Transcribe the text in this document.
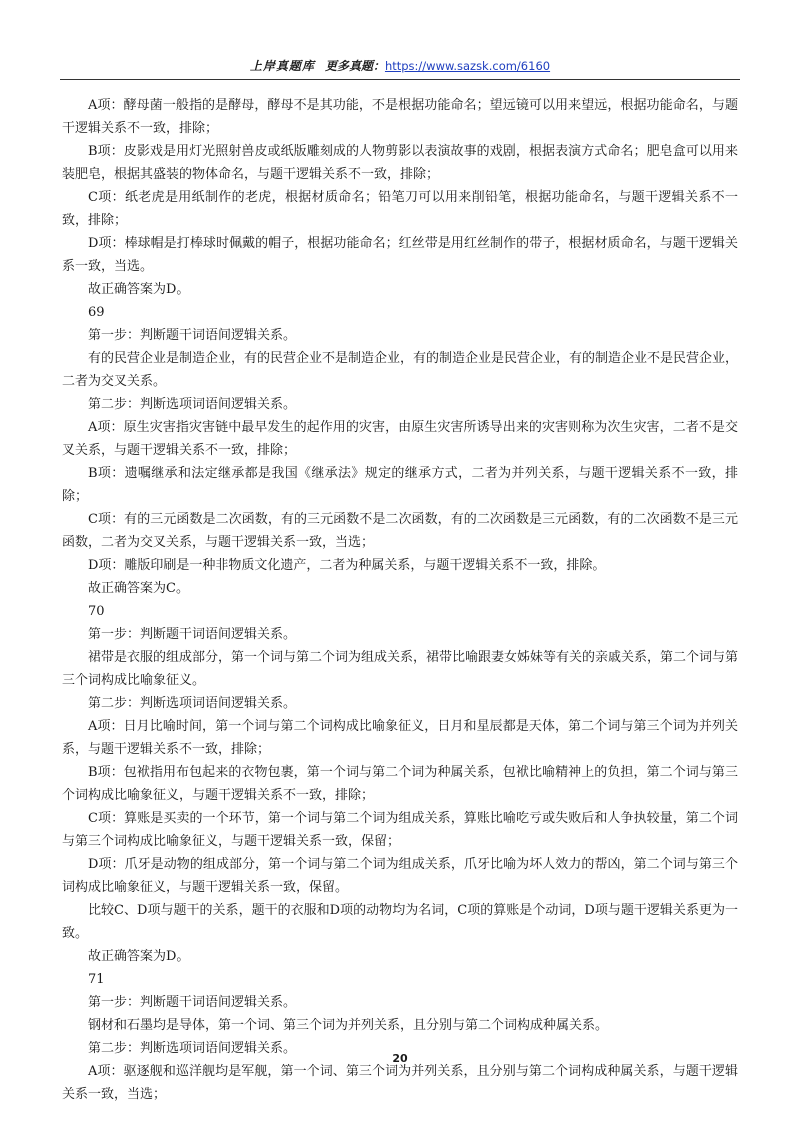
上岸真题库 更多真题：https://www.sazsk.com/6160

A项：酵母菌一般指的是酵母，酵母不是其功能，不是根据功能命名；望远镜可以用来望远，根据功能命名，与题干逻辑关系不一致，排除；

B项：皮影戏是用灯光照射兽皮或纸版雕刻成的人物剪影以表演故事的戏剧，根据表演方式命名；肥皂盒可以用来装肥皂，根据其盛装的物体命名，与题干逻辑关系不一致，排除；

C项：纸老虎是用纸制作的老虎，根据材质命名；铅笔刀可以用来削铅笔，根据功能命名，与题干逻辑关系不一致，排除；

D项：棒球帽是打棒球时佩戴的帽子，根据功能命名；红丝带是用红丝制作的带子，根据材质命名，与题干逻辑关系一致，当选。

故正确答案为D。

69

第一步：判断题干词语间逻辑关系。

有的民营企业是制造企业，有的民营企业不是制造企业，有的制造企业是民营企业，有的制造企业不是民营企业，二者为交叉关系。

第二步：判断选项词语间逻辑关系。

A项：原生灾害指灾害链中最早发生的起作用的灾害，由原生灾害所诱导出来的灾害则称为次生灾害，二者不是交叉关系，与题干逻辑关系不一致，排除；

B项：遗嘱继承和法定继承都是我国《继承法》规定的继承方式，二者为并列关系，与题干逻辑关系不一致，排除；

C项：有的三元函数是二次函数，有的三元函数不是二次函数，有的二次函数是三元函数，有的二次函数不是三元函数，二者为交叉关系，与题干逻辑关系一致，当选；

D项：雕版印刷是一种非物质文化遗产，二者为种属关系，与题干逻辑关系不一致，排除。

故正确答案为C。

70

第一步：判断题干词语间逻辑关系。

裙带是衣服的组成部分，第一个词与第二个词为组成关系，裙带比喻跟妻女姊妹等有关的亲戚关系，第二个词与第三个词构成比喻象征义。

第二步：判断选项词语间逻辑关系。

A项：日月比喻时间，第一个词与第二个词构成比喻象征义，日月和星辰都是天体，第二个词与第三个词为并列关系，与题干逻辑关系不一致，排除；

B项：包袱指用布包起来的衣物包裹，第一个词与第二个词为种属关系，包袱比喻精神上的负担，第二个词与第三个词构成比喻象征义，与题干逻辑关系不一致，排除；

C项：算账是买卖的一个环节，第一个词与第二个词为组成关系，算账比喻吃亏或失败后和人争执较量，第二个词与第三个词构成比喻象征义，与题干逻辑关系一致，保留；

D项：爪牙是动物的组成部分，第一个词与第二个词为组成关系，爪牙比喻为坏人效力的帮凶，第二个词与第三个词构成比喻象征义，与题干逻辑关系一致，保留。

比较C、D项与题干的关系，题干的衣服和D项的动物均为名词，C项的算账是个动词，D项与题干逻辑关系更为一致。

故正确答案为D。

71

第一步：判断题干词语间逻辑关系。

钢材和石墨均是导体，第一个词、第三个词为并列关系，且分别与第二个词构成种属关系。

第二步：判断选项词语间逻辑关系。

A项：驱逐舰和巡洋舰均是军舰，第一个词、第三个词为并列关系，且分别与第二个词构成种属关系，与题干逻辑关系一致，当选；

20
